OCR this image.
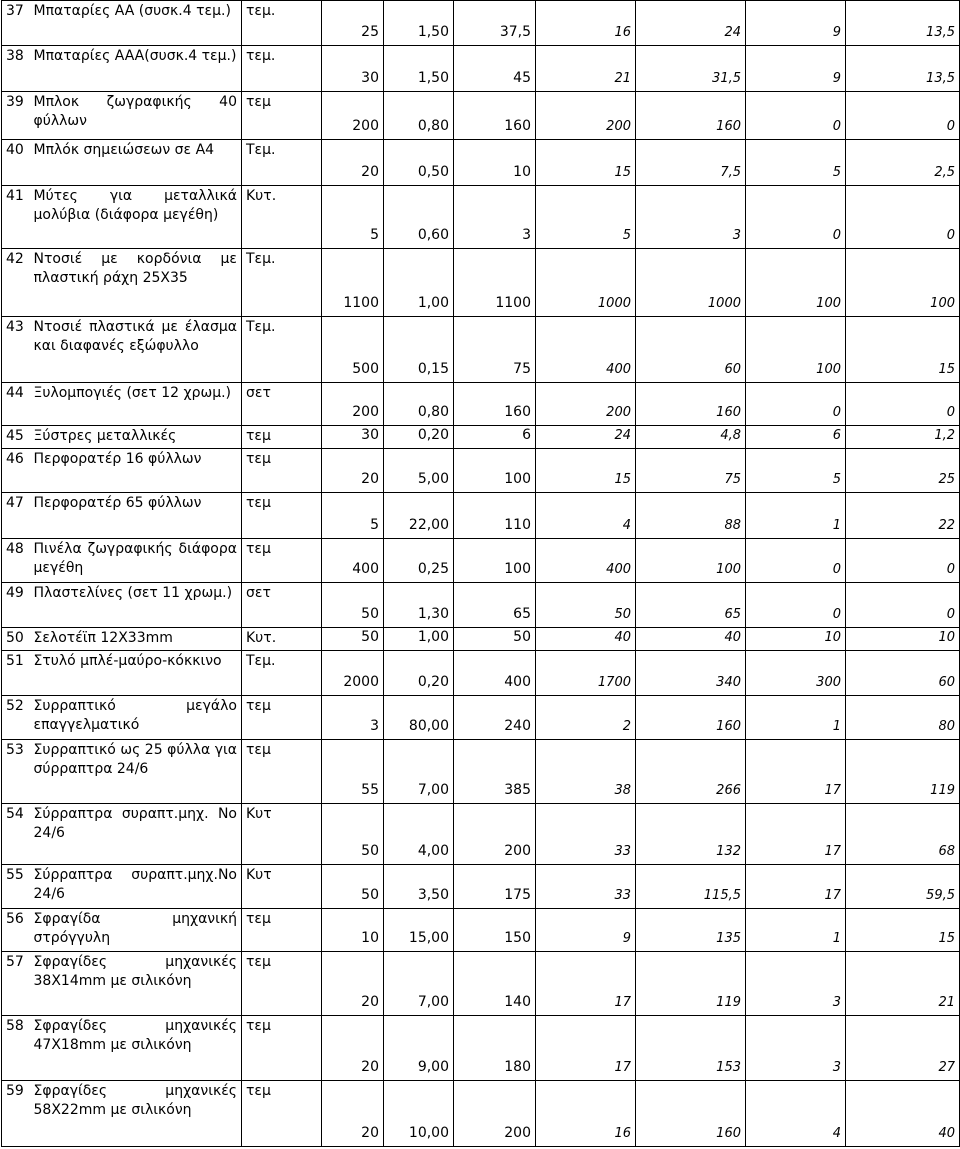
37	Μπαταρίες AA (συσκ.4 τεμ.)	τεμ.	25	1,50	37,5	16	24	9	13,5
38	Μπαταρίες AAA(συσκ.4 τεμ.)	τεμ.	30	1,50	45	21	31,5	9	13,5
39	Μπλοκ ζωγραφικής 40 φύλλων	τεμ	200	0,80	160	200	160	0	0
40	Μπλόκ σημειώσεων σε Α4	Τεμ.	20	0,50	10	15	7,5	5	2,5
41	Μύτες για μεταλλικά μολύβια (διάφορα μεγέθη)	Κυτ.	5	0,60	3	5	3	0	0
42	Ντοσιέ με κορδόνια με πλαστική ράχη 25Χ35	Τεμ.	1100	1,00	1100	1000	1000	100	100
43	Ντοσιέ πλαστικά με έλασμα και διαφανές εξώφυλλο	Τεμ.	500	0,15	75	400	60	100	15
44	Ξυλομπογιές (σετ 12 χρωμ.)	σετ	200	0,80	160	200	160	0	0
45	Ξύστρες μεταλλικές	τεμ	30	0,20	6	24	4,8	6	1,2
46	Περφορατέρ 16 φύλλων	τεμ	20	5,00	100	15	75	5	25
47	Περφορατέρ 65 φύλλων	τεμ	5	22,00	110	4	88	1	22
48	Πινέλα ζωγραφικής διάφορα μεγέθη	τεμ	400	0,25	100	400	100	0	0
49	Πλαστελίνες (σετ 11 χρωμ.)	σετ	50	1,30	65	50	65	0	0
50	Σελοτέϊπ 12Χ33mm	Κυτ.	50	1,00	50	40	40	10	10
51	Στυλό μπλέ-μαύρο-κόκκινο	Τεμ.	2000	0,20	400	1700	340	300	60
52	Συρραπτικό μεγάλο επαγγελματικό	τεμ	3	80,00	240	2	160	1	80
53	Συρραπτικό ως 25 φύλλα για σύρραπτρα 24/6	τεμ	55	7,00	385	38	266	17	119
54	Σύρραπτρα συραπτ.μηχ. Νο 24/6	Κυτ	50	4,00	200	33	132	17	68
55	Σύρραπτρα συραπτ.μηχ.Νο 24/6	Κυτ	50	3,50	175	33	115,5	17	59,5
56	Σφραγίδα μηχανική στρόγγυλη	τεμ	10	15,00	150	9	135	1	15
57	Σφραγίδες μηχανικές 38Χ14mm με σιλικόνη	τεμ	20	7,00	140	17	119	3	21
58	Σφραγίδες μηχανικές 47Χ18mm με σιλικόνη	τεμ	20	9,00	180	17	153	3	27
59	Σφραγίδες μηχανικές 58Χ22mm με σιλικόνη	τεμ	20	10,00	200	16	160	4	40
